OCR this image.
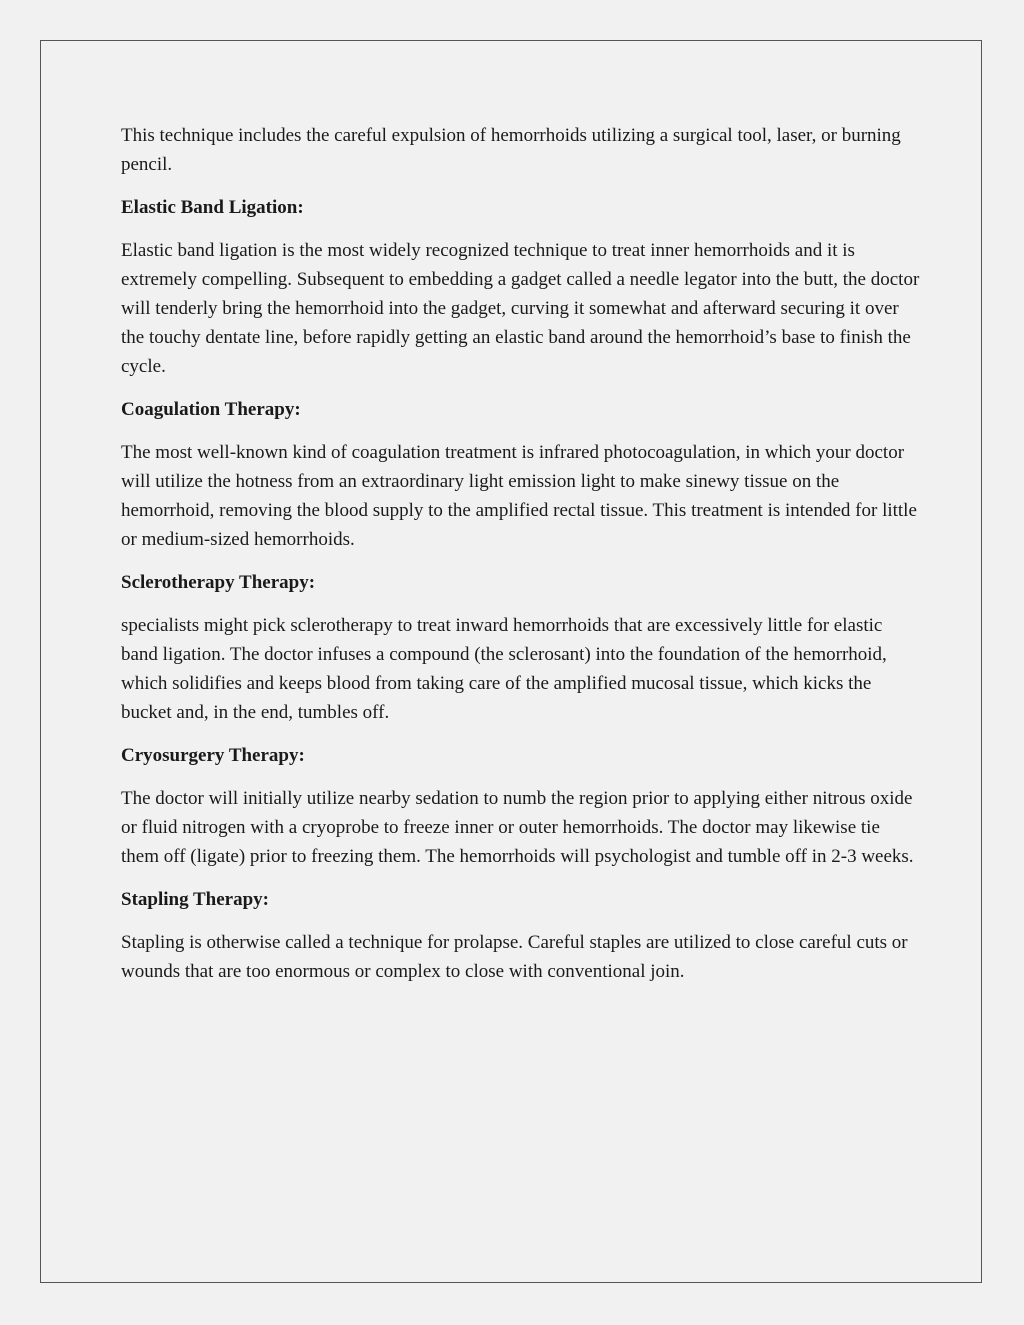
This technique includes the careful expulsion of hemorrhoids utilizing a surgical tool, laser, or burning pencil.

Elastic Band Ligation:

Elastic band ligation is the most widely recognized technique to treat inner hemorrhoids and it is extremely compelling. Subsequent to embedding a gadget called a needle legator into the butt, the doctor will tenderly bring the hemorrhoid into the gadget, curving it somewhat and afterward securing it over the touchy dentate line, before rapidly getting an elastic band around the hemorrhoid’s base to finish the cycle.

Coagulation Therapy:

The most well-known kind of coagulation treatment is infrared photocoagulation, in which your doctor will utilize the hotness from an extraordinary light emission light to make sinewy tissue on the hemorrhoid, removing the blood supply to the amplified rectal tissue. This treatment is intended for little or medium-sized hemorrhoids.

Sclerotherapy Therapy:

specialists might pick sclerotherapy to treat inward hemorrhoids that are excessively little for elastic band ligation. The doctor infuses a compound (the sclerosant) into the foundation of the hemorrhoid, which solidifies and keeps blood from taking care of the amplified mucosal tissue, which kicks the bucket and, in the end, tumbles off.

Cryosurgery Therapy:

The doctor will initially utilize nearby sedation to numb the region prior to applying either nitrous oxide or fluid nitrogen with a cryoprobe to freeze inner or outer hemorrhoids. The doctor may likewise tie them off (ligate) prior to freezing them. The hemorrhoids will psychologist and tumble off in 2-3 weeks.

Stapling Therapy:

Stapling is otherwise called a technique for prolapse. Careful staples are utilized to close careful cuts or wounds that are too enormous or complex to close with conventional join.
